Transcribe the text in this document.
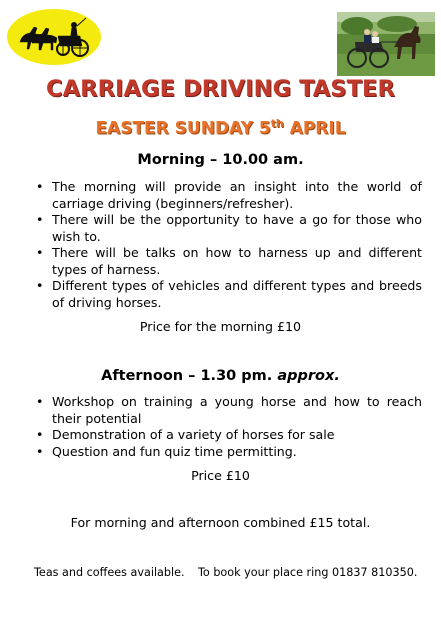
CARRIAGE DRIVING TASTER
EASTER SUNDAY 5th APRIL
Morning – 10.00 am.
• The morning will provide an insight into the world of carriage driving (beginners/refresher).
• There will be the opportunity to have a go for those who wish to.
• There will be talks on how to harness up and different types of harness.
• Different types of vehicles and different types and breeds of driving horses.
Price for the morning £10
Afternoon – 1.30 pm. approx.
• Workshop on training a young horse and how to reach their potential
• Demonstration of a variety of horses for sale
• Question and fun quiz time permitting.
Price £10
For morning and afternoon combined £15 total.
Teas and coffees available. To book your place ring 01837 810350.
